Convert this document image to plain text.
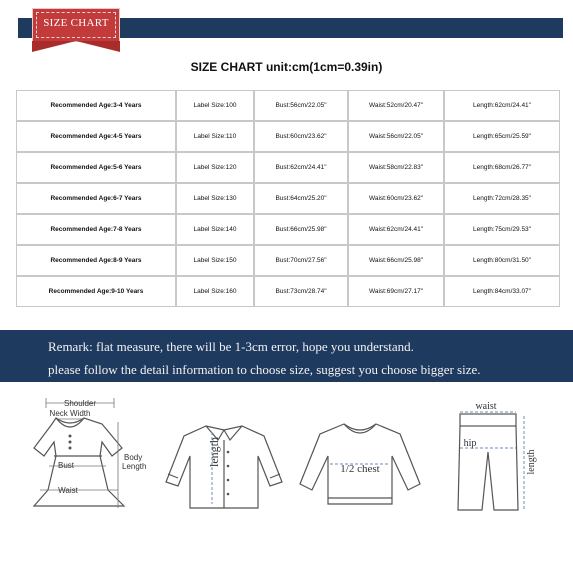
SIZE CHART
SIZE CHART unit:cm(1cm=0.39in)
Recommended Age:3-4 Years	Label Size:100	Bust:56cm/22.05"	Waist:52cm/20.47"	Length:62cm/24.41"
Recommended Age:4-5 Years	Label Size:110	Bust:60cm/23.62"	Waist:56cm/22.05"	Length:65cm/25.59"
Recommended Age:5-6 Years	Label Size:120	Bust:62cm/24.41"	Waist:58cm/22.83"	Length:68cm/26.77"
Recommended Age:6-7 Years	Label Size:130	Bust:64cm/25.20"	Waist:60cm/23.62"	Length:72cm/28.35"
Recommended Age:7-8 Years	Label Size:140	Bust:66cm/25.98"	Waist:62cm/24.41"	Length:75cm/29.53"
Recommended Age:8-9 Years	Label Size:150	Bust:70cm/27.56"	Waist:66cm/25.98"	Length:80cm/31.50"
Recommended Age:9-10 Years	Label Size:160	Bust:73cm/28.74"	Waist:69cm/27.17"	Length:84cm/33.07"
Remark: flat measure, there will be 1-3cm error, hope you understand.
please follow the detail information to choose size, suggest you choose bigger size.
Shoulder
Neck Width
Bust
Waist
Body
Length	length
1/2 chest
waist
hip
length
